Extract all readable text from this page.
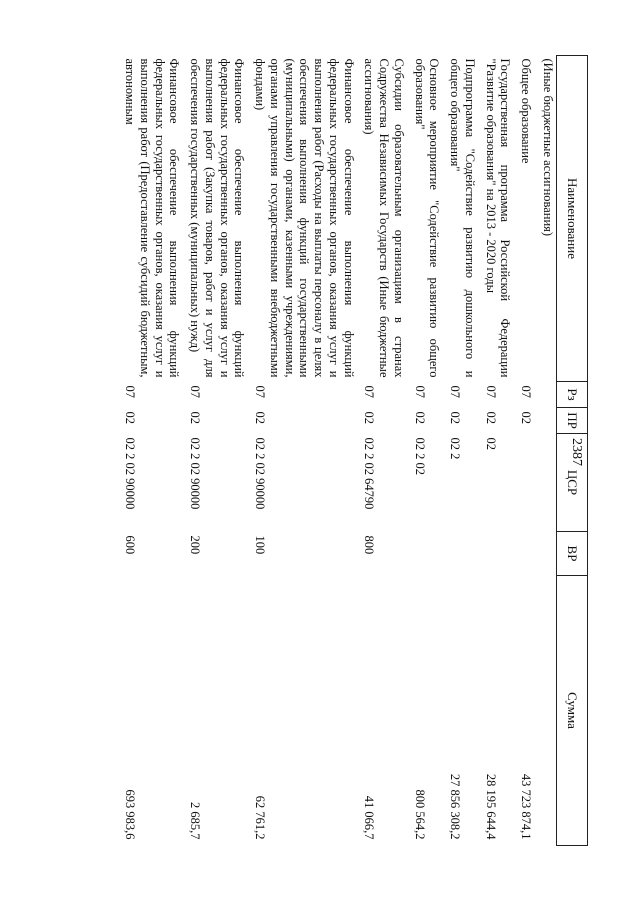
2387
Наименование	Рз	ПР	ЦСР	ВР	Сумма
(Иные бюджетные ассигнования)					
Общее образование	07	02			43 723 874,1
Государственная программа Российской Федерации "Развитие образования" на 2013 - 2020 годы	07	02	02		28 195 644,4
Подпрограмма "Содействие развитию дошкольного и общего образования"	07	02	02 2		27 856 308,2
Основное мероприятие "Содействие развитию общего образования"	07	02	02 2 02		800 564,2
Субсидии образовательным организациям в странах Содружества Независимых Государств (Иные бюджетные ассигнования)	07	02	02 2 02 64790	800	41 066,7
Финансовое обеспечение выполнения функций федеральных государственных органов, оказания услуг и выполнения работ (Расходы на выплаты персоналу в целях обеспечения выполнения функций государственными (муниципальными) органами, казенными учреждениями, органами управления государственными внебюджетными фондами)	07	02	02 2 02 90000	100	62 761,2
Финансовое обеспечение выполнения функций федеральных государственных органов, оказания услуг и выполнения работ (Закупка товаров, работ и услуг для обеспечения государственных (муниципальных) нужд)	07	02	02 2 02 90000	200	2 685,7
Финансовое обеспечение выполнения функций федеральных государственных органов, оказания услуг и выполнения работ (Предоставление субсидий бюджетным, автономным	07	02	02 2 02 90000	600	693 983,6
